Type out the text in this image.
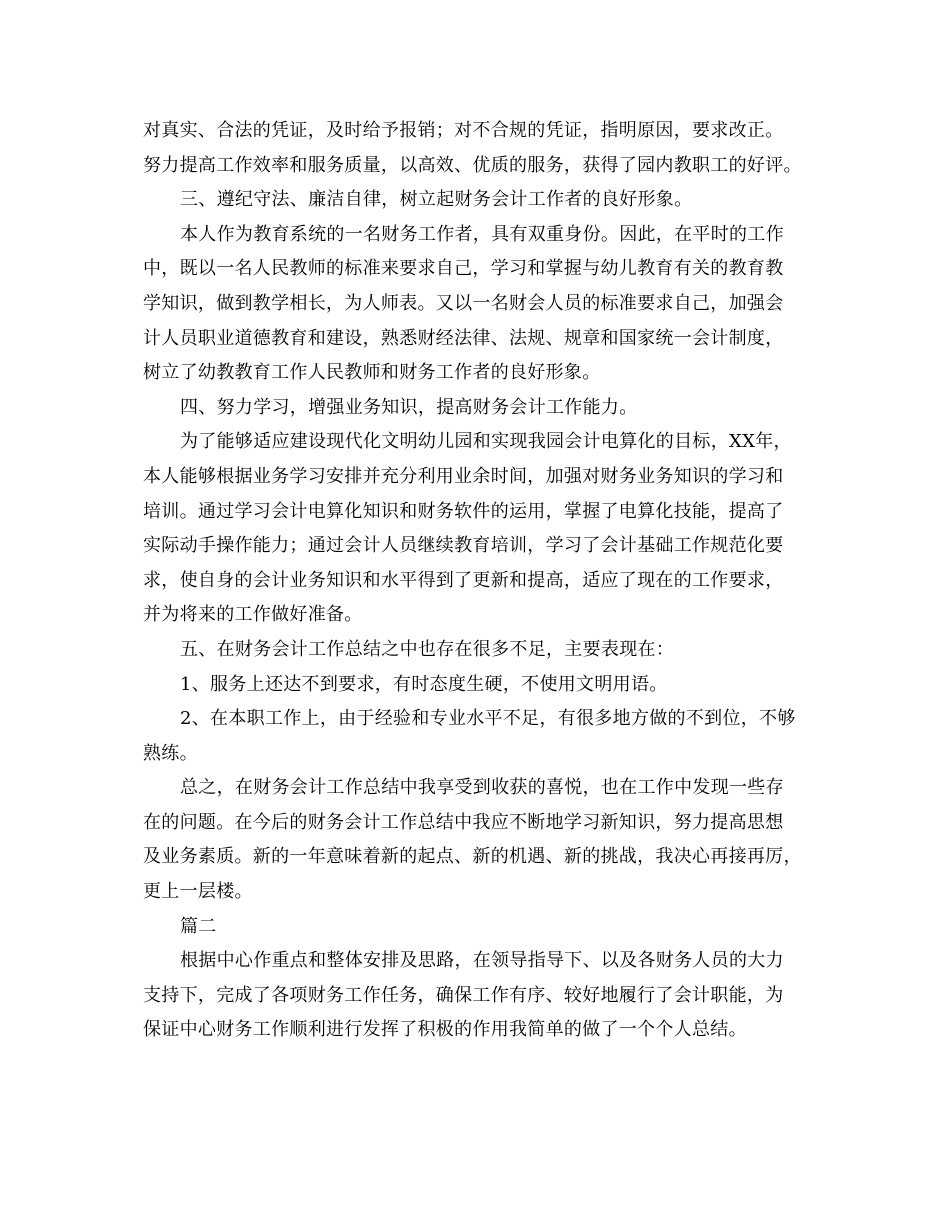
对真实、合法的凭证，及时给予报销；对不合规的凭证，指明原因，要求改正。
努力提高工作效率和服务质量，以高效、优质的服务，获得了园内教职工的好评。
三、遵纪守法、廉洁自律，树立起财务会计工作者的良好形象。
本人作为教育系统的一名财务工作者，具有双重身份。因此，在平时的工作
中，既以一名人民教师的标准来要求自己，学习和掌握与幼儿教育有关的教育教
学知识，做到教学相长，为人师表。又以一名财会人员的标准要求自己，加强会
计人员职业道德教育和建设，熟悉财经法律、法规、规章和国家统一会计制度，
树立了幼教教育工作人民教师和财务工作者的良好形象。
四、努力学习，增强业务知识，提高财务会计工作能力。
为了能够适应建设现代化文明幼儿园和实现我园会计电算化的目标，XX年，
本人能够根据业务学习安排并充分利用业余时间，加强对财务业务知识的学习和
培训。通过学习会计电算化知识和财务软件的运用，掌握了电算化技能，提高了
实际动手操作能力；通过会计人员继续教育培训，学习了会计基础工作规范化要
求，使自身的会计业务知识和水平得到了更新和提高，适应了现在的工作要求，
并为将来的工作做好准备。
五、在财务会计工作总结之中也存在很多不足，主要表现在：
1、服务上还达不到要求，有时态度生硬，不使用文明用语。
2、在本职工作上，由于经验和专业水平不足，有很多地方做的不到位，不够
熟练。
总之，在财务会计工作总结中我享受到收获的喜悦，也在工作中发现一些存
在的问题。在今后的财务会计工作总结中我应不断地学习新知识，努力提高思想
及业务素质。新的一年意味着新的起点、新的机遇、新的挑战，我决心再接再厉，
更上一层楼。
篇二
根据中心作重点和整体安排及思路，在领导指导下、以及各财务人员的大力
支持下，完成了各项财务工作任务，确保工作有序、较好地履行了会计职能，为
保证中心财务工作顺利进行发挥了积极的作用我简单的做了一个个人总结。
